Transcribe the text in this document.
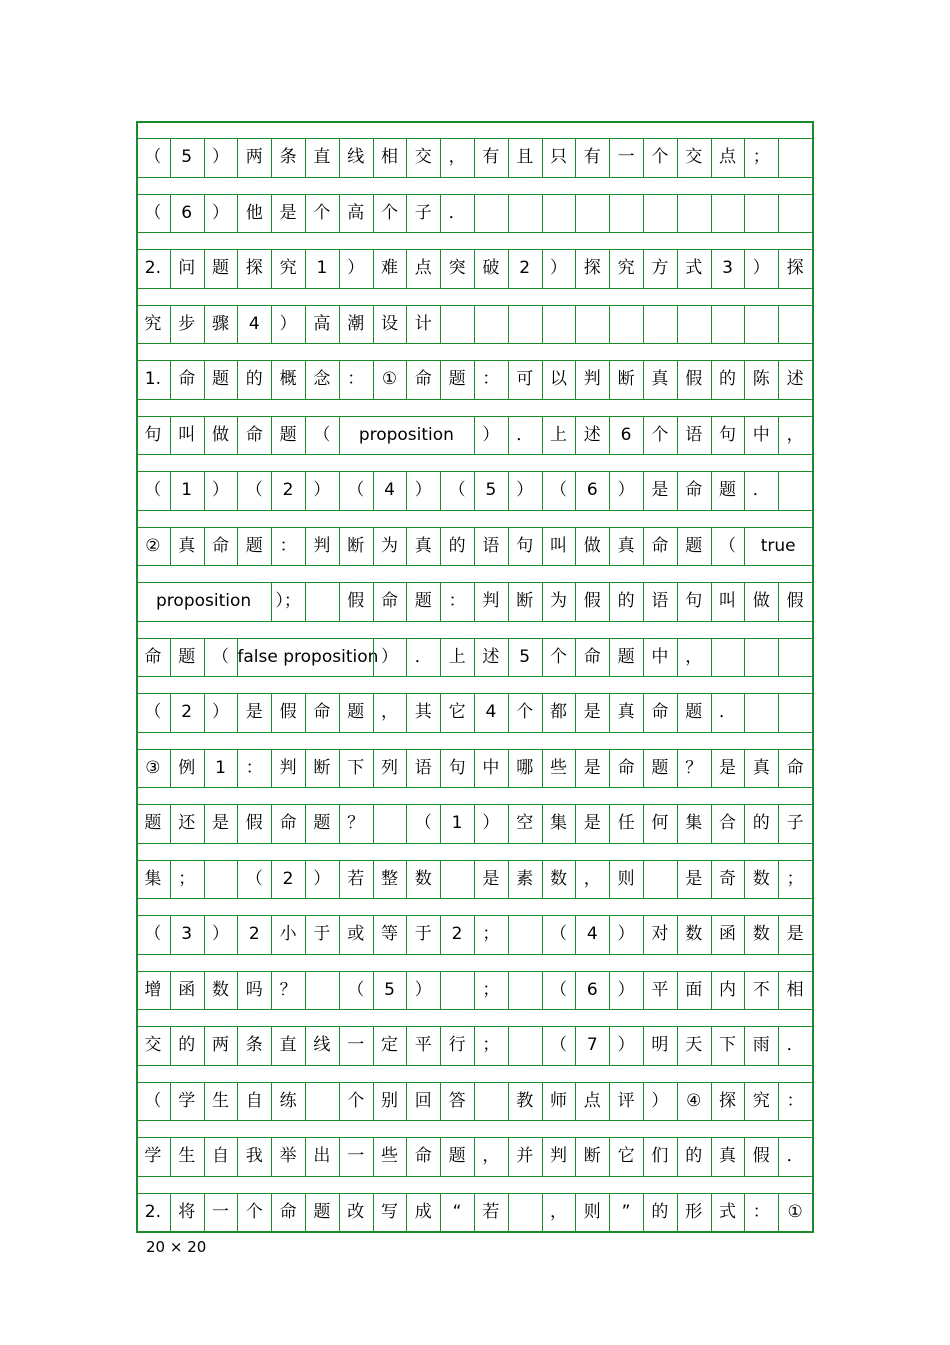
（	5	） 两 条 直 线 相 交 ， 有 且 只 有 一 个 交 点 ；
（	6	） 他 是 个 高 个 子 ．
2.	问 题 探 究	1	） 难 点 突 破	2	） 探 究 方 式	3	） 探
究 步 骤	4	） 高 潮 设 计
1.	命 题 的 概 念 ：	①	命 题 ： 可 以 判 断 真 假 的 陈 述
句 叫 做 命 题 （	proposition	） ． 上 述	6	个 语 句 中 ，
（	1	） （	2	） （	4	） （	5	） （	6	） 是 命 题 ．
②	真 命 题 ： 判 断 为 真 的 语 句 叫 做 真 命 题 （	true
proposition	）；	假 命 题 ： 判 断 为 假 的 语 句 叫 做 假
命 题 （ false proposition ） ． 上 述	5	个 命 题 中 ，
（	2	） 是 假 命 题 ， 其 它	4	个 都 是 真 命 题 ．
③	例	1	： 判 断 下 列 语 句 中 哪 些 是 命 题 ？ 是 真 命
题 还 是 假 命 题 ？	（	1	） 空 集 是 任 何 集 合 的 子
集 ；	（	2	） 若 整 数	是 素 数 ， 则	是 奇 数 ；
（	3	）	2	小 于 或 等 于	2	；	（	4	） 对 数 函 数 是
增 函 数 吗 ？	（	5	）	；	（	6	） 平 面 内 不 相
交 的 两 条 直 线 一 定 平 行 ；	（	7	） 明 天 下 雨 ．
（ 学 生 自 练	个 别 回 答	教 师 点 评 ）	④	探 究 ：
学 生 自 我 举 出 一 些 命 题 ， 并 判 断 它 们 的 真 假 ．
2.	将 一 个 命 题 改 写 成	“	若	， 则	”	的 形 式 ：	①
20 × 20
